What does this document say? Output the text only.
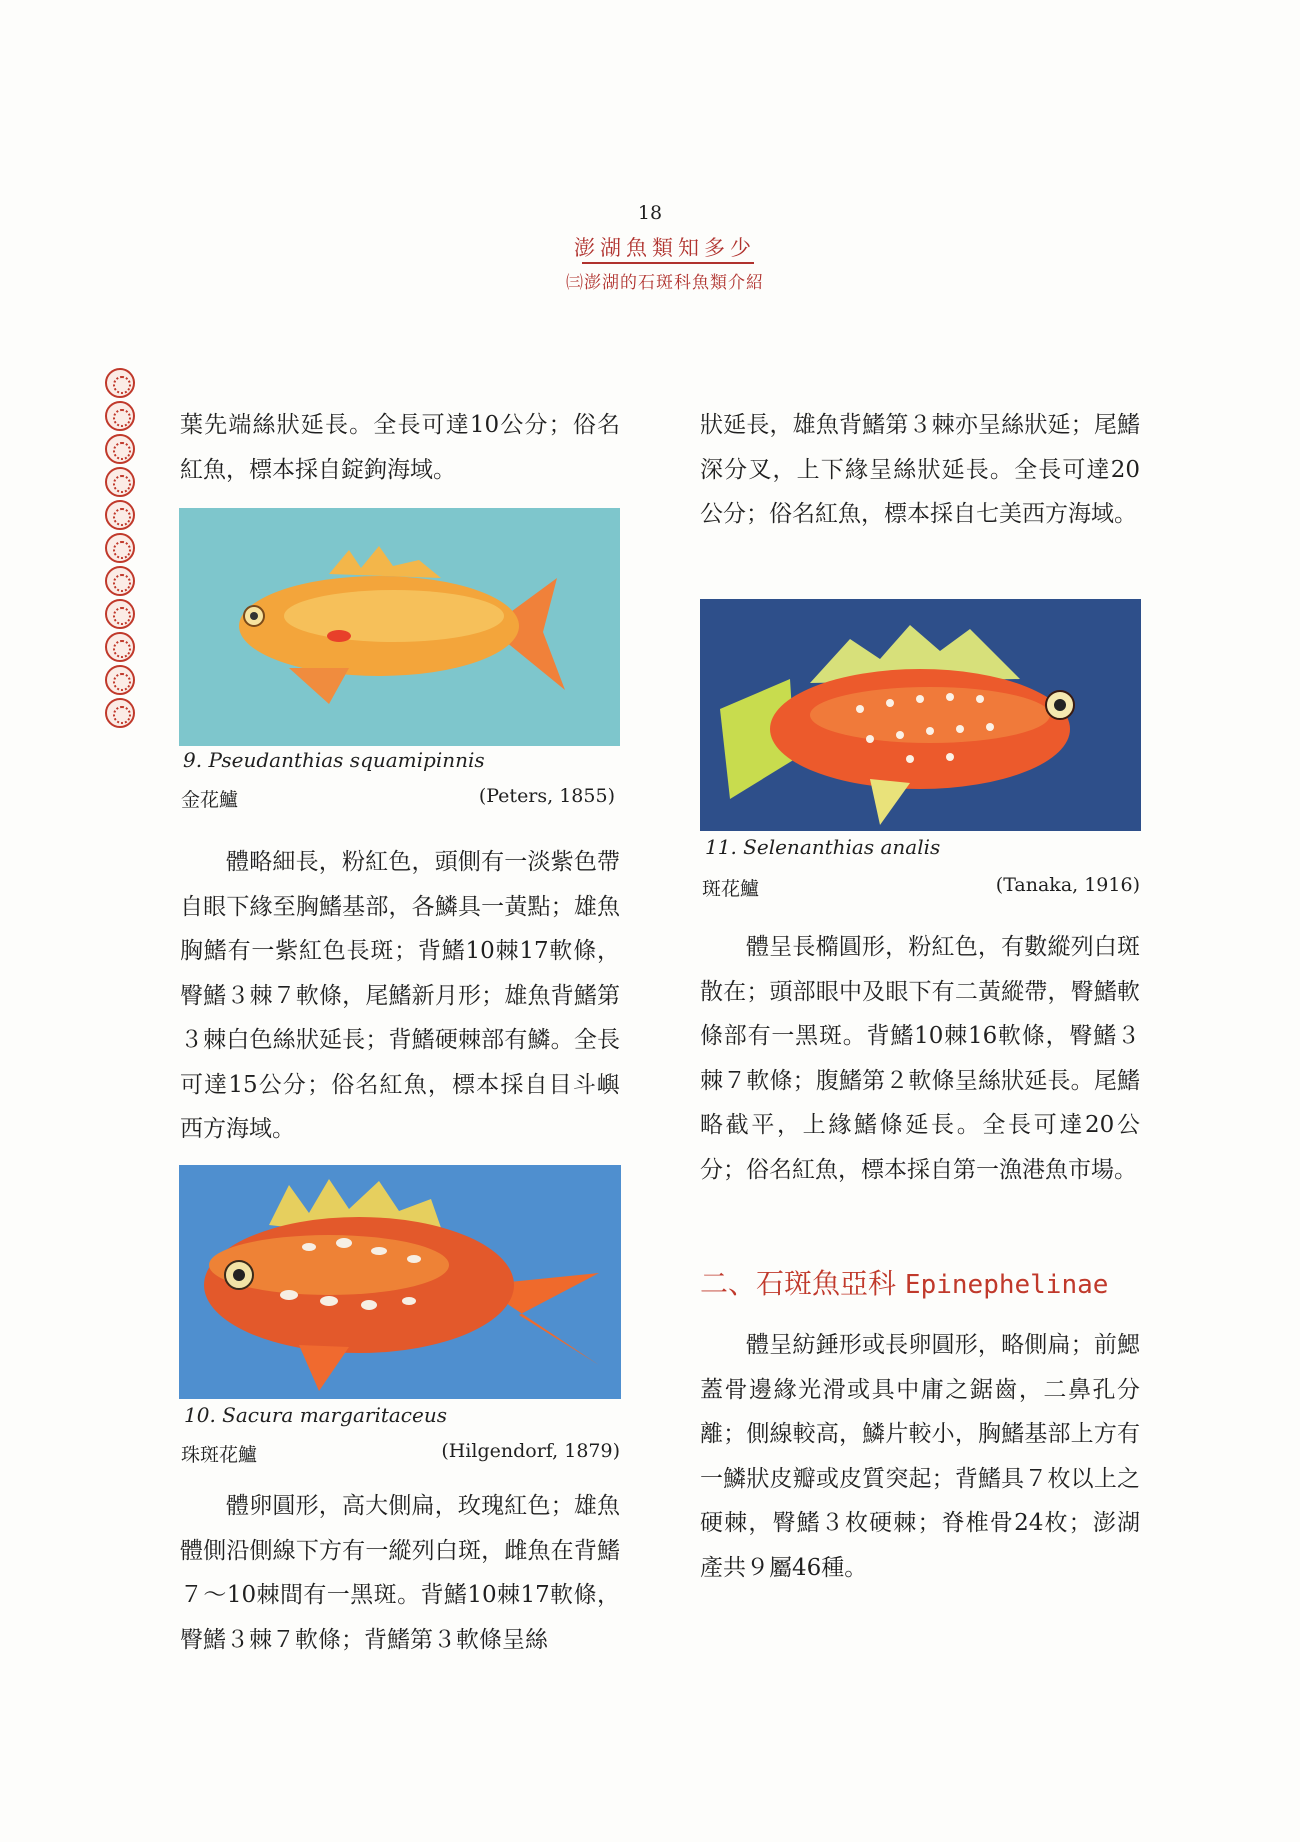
18
澎湖魚類知多少
㈢澎湖的石斑科魚類介紹

葉先端絲狀延長。全長可達10公分；俗名紅魚，標本採自錠鉤海域。

9. Pseudanthias squamipinnis
金花鱸	(Peters, 1855)

體略細長，粉紅色，頭側有一淡紫色帶自眼下緣至胸鰭基部，各鱗具一黃點；雄魚胸鰭有一紫紅色長斑；背鰭10棘17軟條，臀鰭３棘７軟條，尾鰭新月形；雄魚背鰭第３棘白色絲狀延長；背鰭硬棘部有鱗。全長可達15公分；俗名紅魚，標本採自目斗嶼西方海域。

10. Sacura margaritaceus
珠斑花鱸	(Hilgendorf, 1879)

體卵圓形，高大側扁，玫瑰紅色；雄魚體側沿側線下方有一縱列白斑，雌魚在背鰭７～10棘間有一黑斑。背鰭10棘17軟條，臀鰭３棘７軟條；背鰭第３軟條呈絲

狀延長，雄魚背鰭第３棘亦呈絲狀延；尾鰭深分叉，上下緣呈絲狀延長。全長可達20公分；俗名紅魚，標本採自七美西方海域。

11. Selenanthias analis
斑花鱸	(Tanaka, 1916)

體呈長橢圓形，粉紅色，有數縱列白斑散在；頭部眼中及眼下有二黃縱帶，臀鰭軟條部有一黑斑。背鰭10棘16軟條，臀鰭３棘７軟條；腹鰭第２軟條呈絲狀延長。尾鰭略截平，上緣鰭條延長。全長可達20公分；俗名紅魚，標本採自第一漁港魚市場。

二、石斑魚亞科 Epinephelinae

體呈紡錘形或長卵圓形，略側扁；前鰓蓋骨邊緣光滑或具中庸之鋸齒，二鼻孔分離；側線較高，鱗片較小，胸鰭基部上方有一鱗狀皮瓣或皮質突起；背鰭具７枚以上之硬棘，臀鰭３枚硬棘；脊椎骨24枚；澎湖產共９屬46種。
